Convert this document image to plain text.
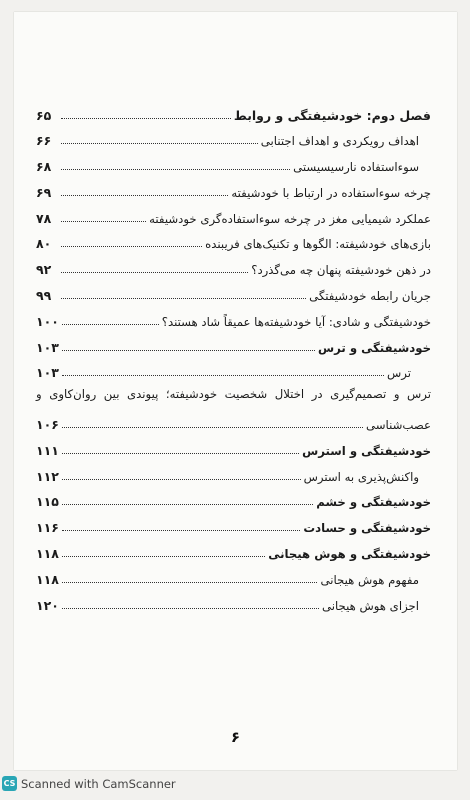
فصل دوم: خودشیفتگی و روابط
۶۵
اهداف رویکردی و اهداف اجتنابی
۶۶
سوءاستفاده نارسیسیستی
۶۸
چرخه سوءاستفاده در ارتباط با خودشیفته
۶۹
عملکرد شیمیایی مغز در چرخه سوءاستفاده‌گری خودشیفته
۷۸
بازی‌های خودشیفته: الگوها و تکنیک‌های فریبنده
۸۰
در ذهن خودشیفته پنهان چه می‌گذرد؟
۹۲
جریان رابطه خودشیفتگی
۹۹
خودشیفتگی و شادی: آیا خودشیفته‌ها عمیقاً شاد هستند؟
۱۰۰
خودشیفتگی و ترس
۱۰۳
ترس
۱۰۳
ترس و تصمیم‌گیری در اختلال شخصیت خودشیفته؛ پیوندی بین روان‌کاوی و
عصب‌شناسی
۱۰۶
خودشیفتگی و استرس
۱۱۱
واکنش‌پذیری به استرس
۱۱۲
خودشیفتگی و خشم
۱۱۵
خودشیفتگی و حسادت
۱۱۶
خودشیفتگی و هوش هیجانی
۱۱۸
مفهوم هوش هیجانی
۱۱۸
اجزای هوش هیجانی
۱۲۰
۶
CS Scanned with CamScanner
